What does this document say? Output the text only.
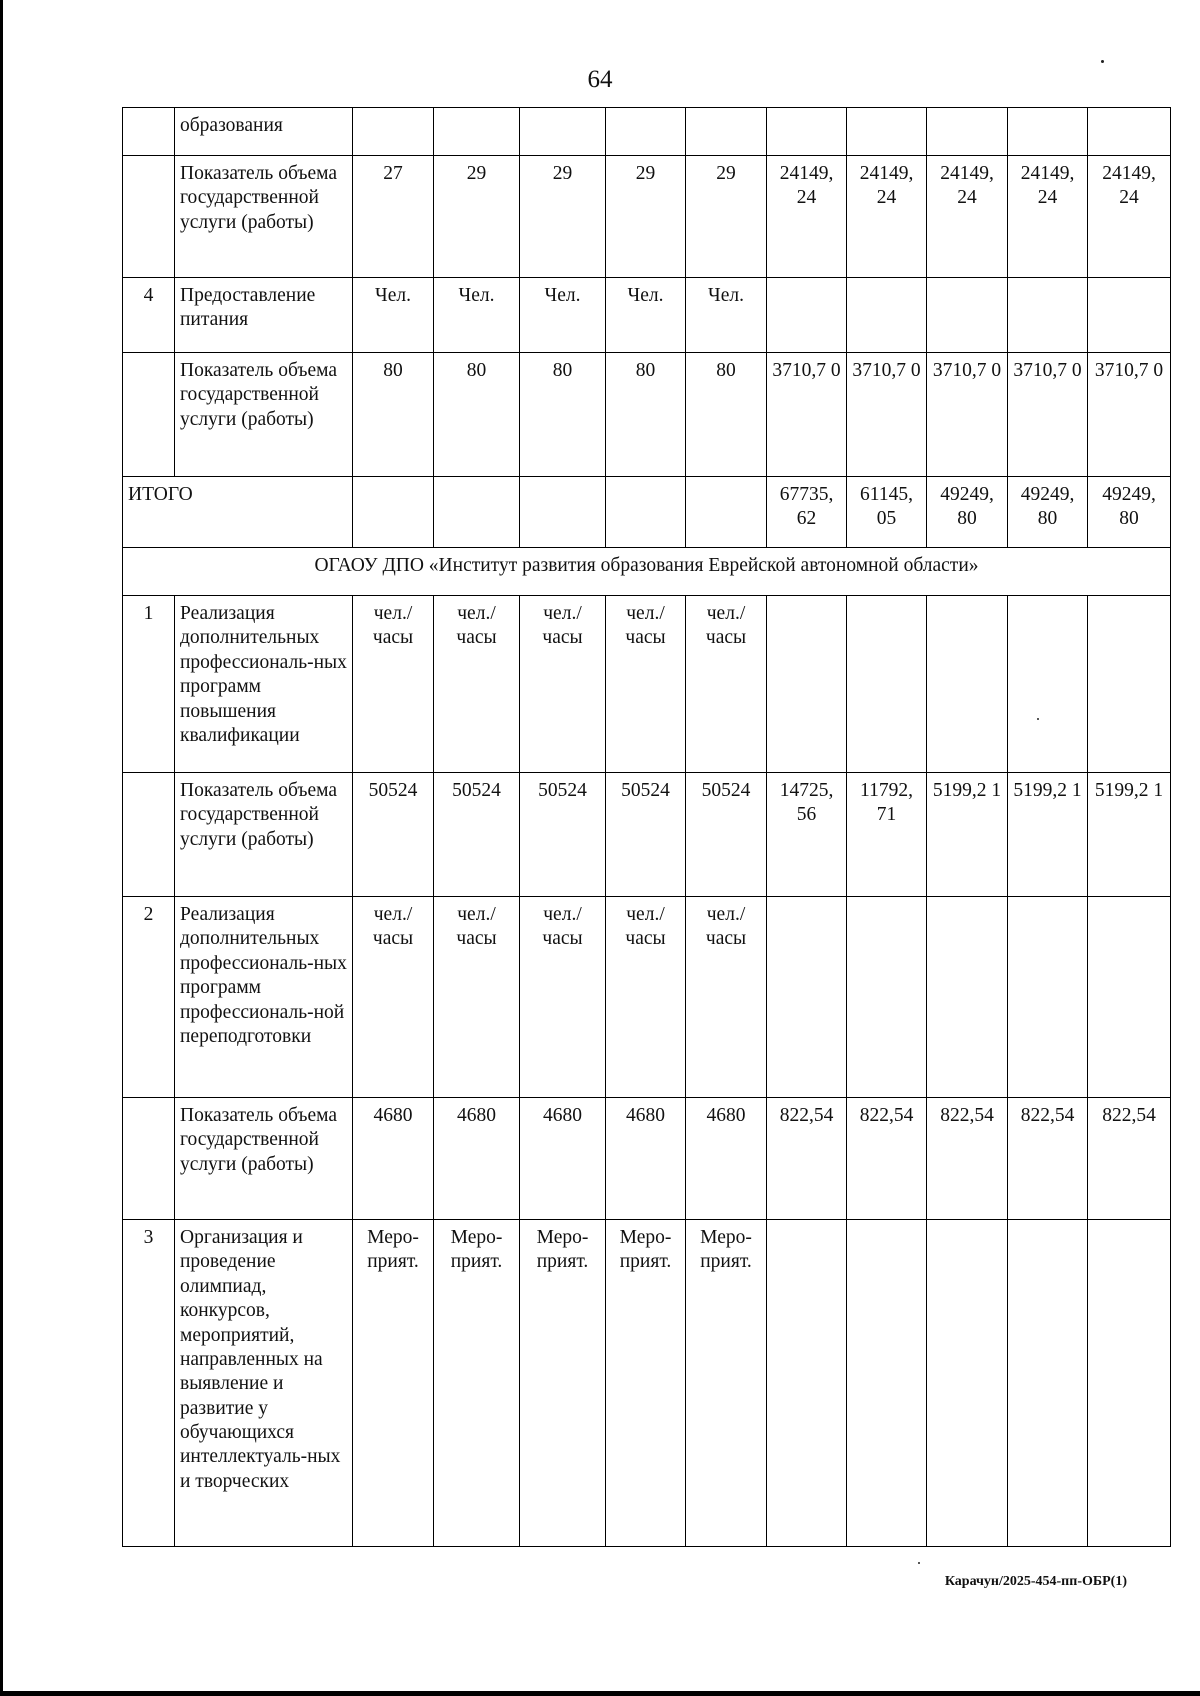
64
	образования										
	Показатель объема государственной услуги (работы)	27	29	29	29	29	24149, 24	24149, 24	24149, 24	24149, 24	24149, 24
4	Предоставление питания	Чел.	Чел.	Чел.	Чел.	Чел.					
	Показатель объема государственной услуги (работы)	80	80	80	80	80	3710,7 0	3710,7 0	3710,7 0	3710,7 0	3710,7 0
ИТОГО							67735, 62	61145, 05	49249, 80	49249, 80	49249, 80
ОГАОУ ДПО «Институт развития образования Еврейской автономной области»											
1	Реализация дополнительных профессиональ-ных программ повышения квалификации	чел./ часы	чел./ часы	чел./ часы	чел./ часы	чел./ часы					
	Показатель объема государственной услуги (работы)	50524	50524	50524	50524	50524	14725, 56	11792, 71	5199,2 1	5199,2 1	5199,2 1
2	Реализация дополнительных профессиональ-ных программ профессиональ-ной переподготовки	чел./ часы	чел./ часы	чел./ часы	чел./ часы	чел./ часы					
	Показатель объема государственной услуги (работы)	4680	4680	4680	4680	4680	822,54	822,54	822,54	822,54	822,54
3	Организация и проведение олимпиад, конкурсов, мероприятий, направленных на выявление и развитие у обучающихся интеллектуаль-ных и творческих	Меро-прият.	Меро-прият.	Меро-прият.	Меро-прият.	Меро-прият.					
Карачун/2025-454-пп-ОБР(1)
